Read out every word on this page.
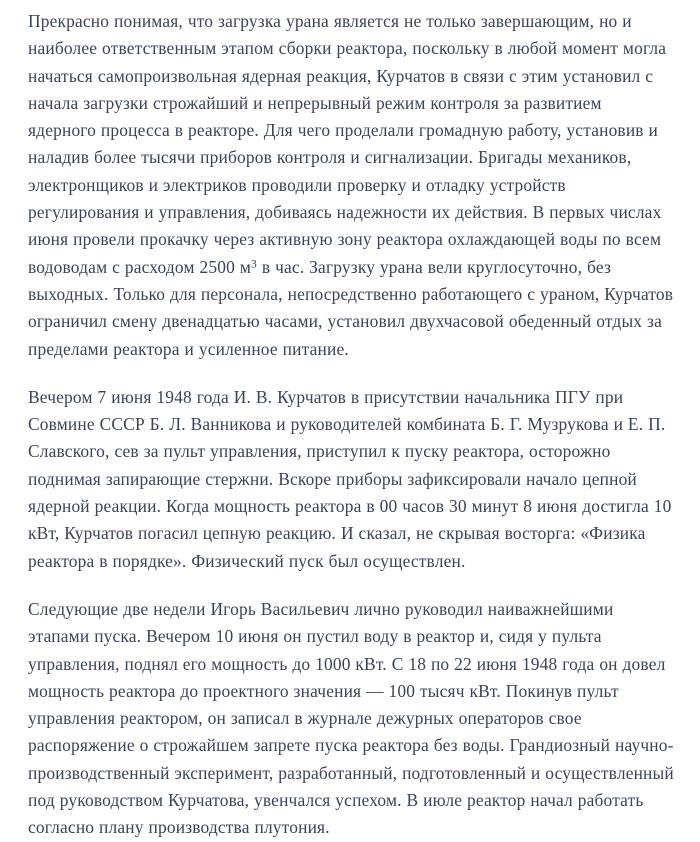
Прекрасно понимая, что загрузка урана является не только завершающим, но и наиболее ответственным этапом сборки реактора, поскольку в любой момент могла начаться самопроизвольная ядерная реакция, Курчатов в связи с этим установил с начала загрузки строжайший и непрерывный режим контроля за развитием ядерного процесса в реакторе. Для чего проделали громадную работу, установив и наладив более тысячи приборов контроля и сигнализации. Бригады механиков, электронщиков и электриков проводили проверку и отладку устройств регулирования и управления, добиваясь надежности их действия. В первых числах июня провели прокачку через активную зону реактора охлаждающей воды по всем водоводам с расходом 2500 $м^3$ в час. Загрузку урана вели круглосуточно, без выходных. Только для персонала, непосредственно работающего с ураном, Курчатов ограничил смену двенадцатью часами, установил двухчасовой обеденный отдых за пределами реактора и усиленное питание.

Вечером 7 июня 1948 года И. В. Курчатов в присутствии начальника ПГУ при Совмине СССР Б. Л. Ванникова и руководителей комбината Б. Г. Музрукова и Е. П. Славского, сев за пульт управления, приступил к пуску реактора, осторожно поднимая запирающие стержни. Вскоре приборы зафиксировали начало цепной ядерной реакции. Когда мощность реактора в 00 часов 30 минут 8 июня достигла 10 кВт, Курчатов погасил цепную реакцию. И сказал, не скрывая восторга: «Физика реактора в порядке». Физический пуск был осуществлен.

Следующие две недели Игорь Васильевич лично руководил наиважнейшими этапами пуска. Вечером 10 июня он пустил воду в реактор и, сидя у пульта управления, поднял его мощность до 1000 кВт. С 18 по 22 июня 1948 года он довел мощность реактора до проектного значения — 100 тысяч кВт. Покинув пульт управления реактором, он записал в журнале дежурных операторов свое распоряжение о строжайшем запрете пуска реактора без воды. Грандиозный научно-производственный эксперимент, разработанный, подготовленный и осуществленный под руководством Курчатова, увенчался успехом. В июле реактор начал работать согласно плану производства плутония.
